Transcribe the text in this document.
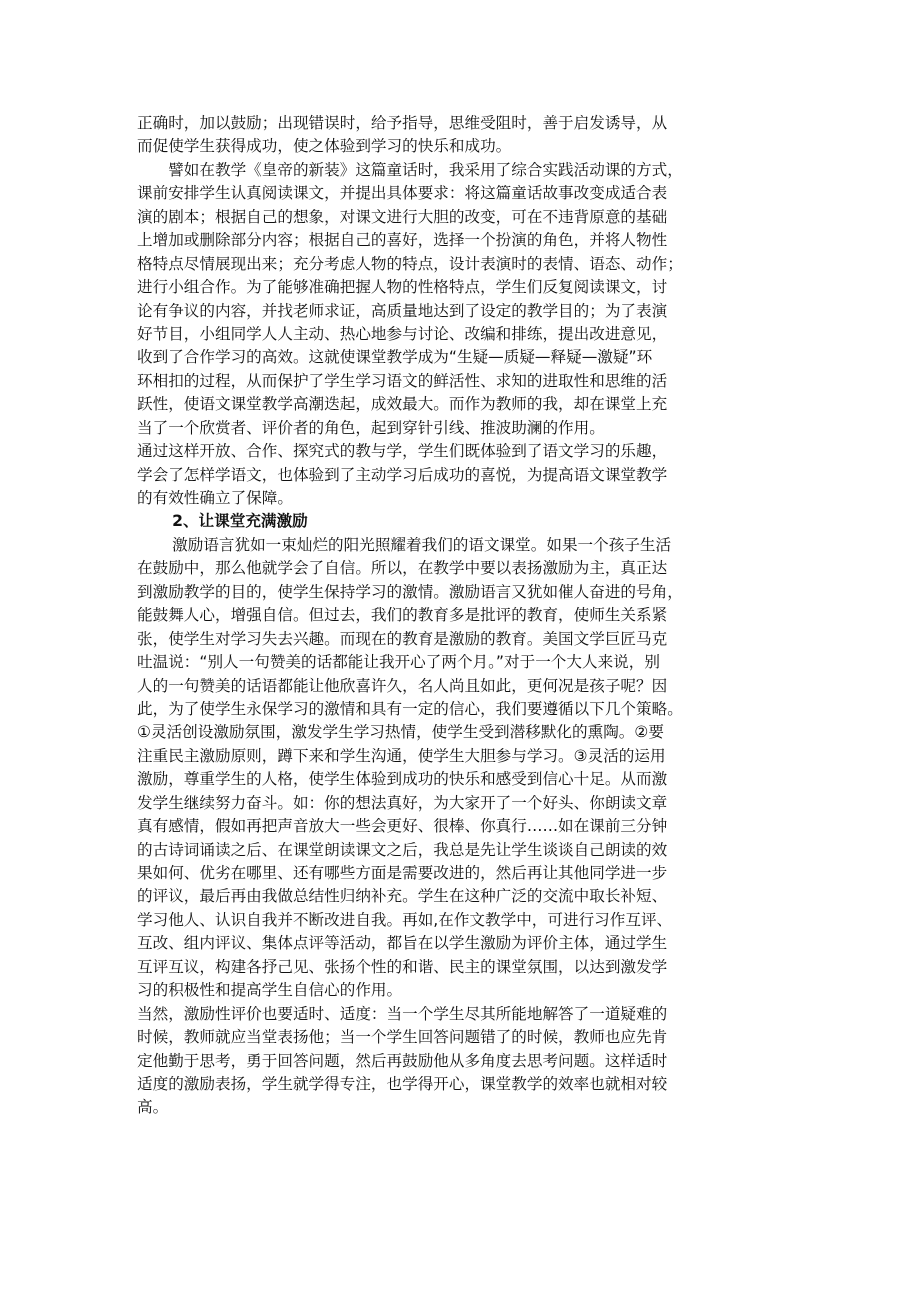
正确时，加以鼓励；出现错误时，给予指导，思维受阻时，善于启发诱导，从
而促使学生获得成功，使之体验到学习的快乐和成功。
譬如在教学《皇帝的新装》这篇童话时，我采用了综合实践活动课的方式，
课前安排学生认真阅读课文，并提出具体要求：将这篇童话故事改变成适合表
演的剧本；根据自己的想象，对课文进行大胆的改变，可在不违背原意的基础
上增加或删除部分内容；根据自己的喜好，选择一个扮演的角色，并将人物性
格特点尽情展现出来；充分考虑人物的特点，设计表演时的表情、语态、动作；
进行小组合作。为了能够准确把握人物的性格特点，学生们反复阅读课文，讨
论有争议的内容，并找老师求证，高质量地达到了设定的教学目的；为了表演
好节目，小组同学人人主动、热心地参与讨论、改编和排练，提出改进意见，
收到了合作学习的高效。这就使课堂教学成为“生疑—质疑—释疑—激疑”环
环相扣的过程，从而保护了学生学习语文的鲜活性、求知的进取性和思维的活
跃性，使语文课堂教学高潮迭起，成效最大。而作为教师的我，却在课堂上充
当了一个欣赏者、评价者的角色，起到穿针引线、推波助澜的作用。
通过这样开放、合作、探究式的教与学，学生们既体验到了语文学习的乐趣，
学会了怎样学语文，也体验到了主动学习后成功的喜悦，为提高语文课堂教学
的有效性确立了保障。
2、让课堂充满激励
激励语言犹如一束灿烂的阳光照耀着我们的语文课堂。如果一个孩子生活
在鼓励中，那么他就学会了自信。所以，在教学中要以表扬激励为主，真正达
到激励教学的目的，使学生保持学习的激情。激励语言又犹如催人奋进的号角，
能鼓舞人心，增强自信。但过去，我们的教育多是批评的教育，使师生关系紧
张，使学生对学习失去兴趣。而现在的教育是激励的教育。美国文学巨匠马克
吐温说：“别人一句赞美的话都能让我开心了两个月。”对于一个大人来说，别
人的一句赞美的话语都能让他欣喜许久，名人尚且如此，更何况是孩子呢？因
此，为了使学生永保学习的激情和具有一定的信心，我们要遵循以下几个策略。
①灵活创设激励氛围，激发学生学习热情，使学生受到潜移默化的熏陶。②要
注重民主激励原则，蹲下来和学生沟通，使学生大胆参与学习。③灵活的运用
激励，尊重学生的人格，使学生体验到成功的快乐和感受到信心十足。从而激
发学生继续努力奋斗。如：你的想法真好，为大家开了一个好头、你朗读文章
真有感情，假如再把声音放大一些会更好、很棒、你真行……如在课前三分钟
的古诗词诵读之后、在课堂朗读课文之后，我总是先让学生谈谈自己朗读的效
果如何、优劣在哪里、还有哪些方面是需要改进的，然后再让其他同学进一步
的评议，最后再由我做总结性归纳补充。学生在这种广泛的交流中取长补短、
学习他人、认识自我并不断改进自我。再如,在作文教学中，可进行习作互评、
互改、组内评议、集体点评等活动，都旨在以学生激励为评价主体，通过学生
互评互议，构建各抒己见、张扬个性的和谐、民主的课堂氛围，以达到激发学
习的积极性和提高学生自信心的作用。
当然，激励性评价也要适时、适度：当一个学生尽其所能地解答了一道疑难的
时候，教师就应当堂表扬他；当一个学生回答问题错了的时候，教师也应先肯
定他勤于思考，勇于回答问题，然后再鼓励他从多角度去思考问题。这样适时
适度的激励表扬，学生就学得专注，也学得开心，课堂教学的效率也就相对较
高。
